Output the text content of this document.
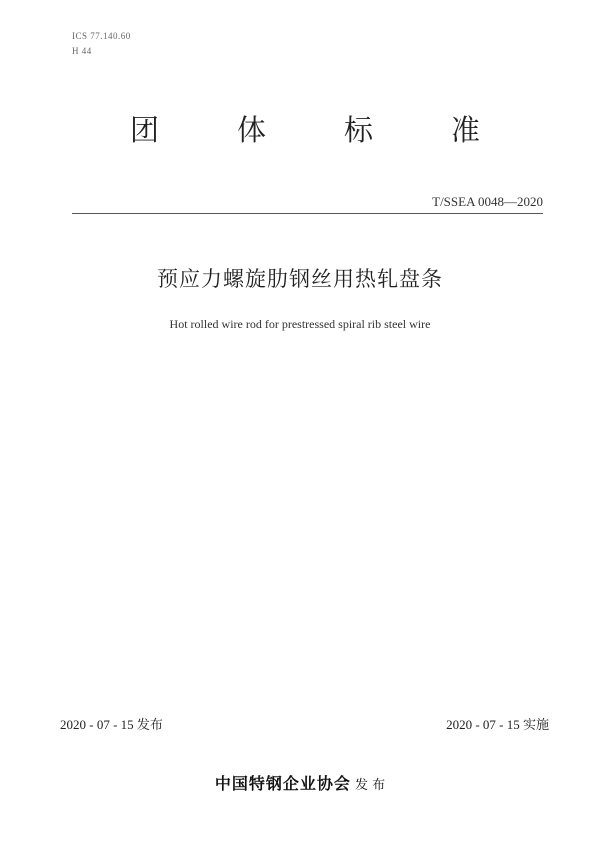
ICS 77.140.60
H 44
团	体	标	准
T/SSEA 0048—2020
预应力螺旋肋钢丝用热轧盘条
Hot rolled wire rod for prestressed spiral rib steel wire
2020 - 07 - 15 发布	2020 - 07 - 15 实施
中国特钢企业协会 发 布
